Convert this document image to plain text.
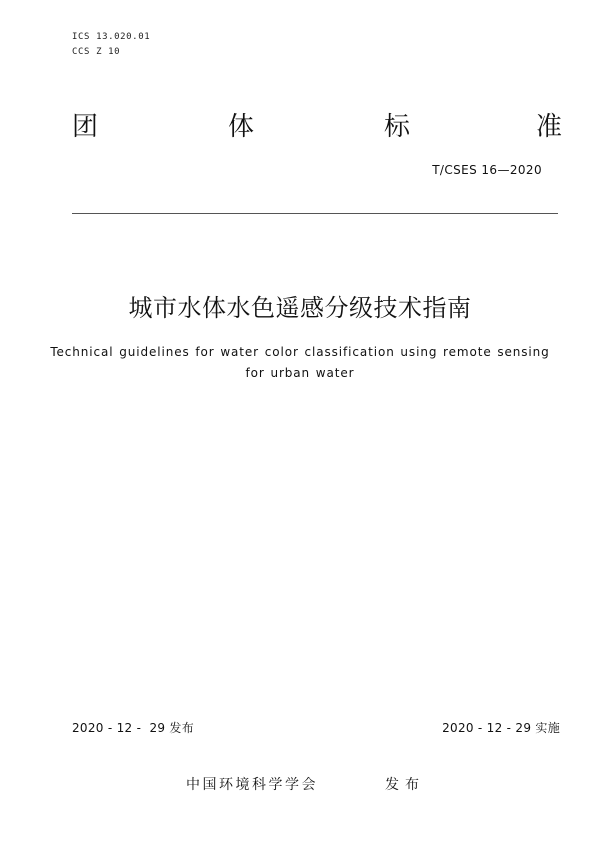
ICS 13.020.01
CCS Z 10
团	体	标	准
T/CSES 16—2020
城市水体水色遥感分级技术指南
Technical guidelines for water color classification using remote sensing
for urban water
2020 - 12 -  29 发布	2020 - 12 - 29 实施
中国环境科学学会	发布
